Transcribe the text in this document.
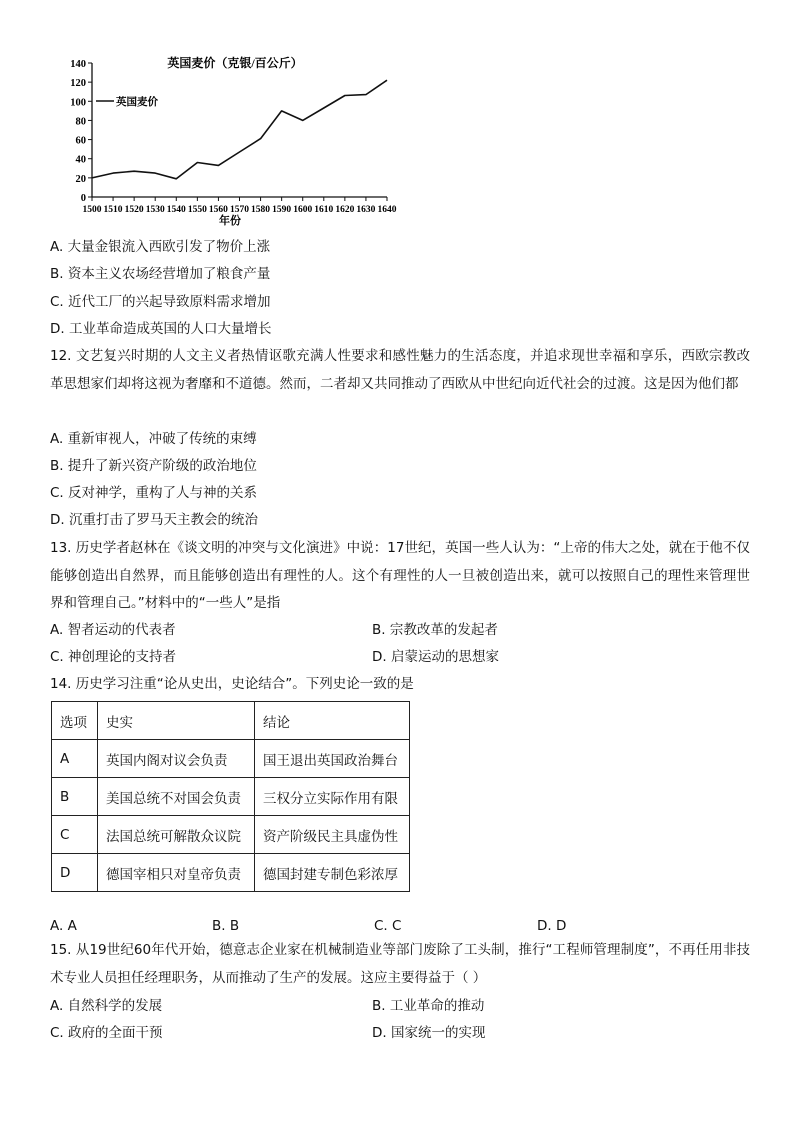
英国麦价（克银/百公斤）
0
20
40
60
80
100
120
140
1500 1510 1520 1530 1540 1550 1560 1570 1580 1590 1600 1610 1620 1630 1640
英国麦价
年份
A. 大量金银流入西欧引发了物价上涨
B. 资本主义农场经营增加了粮食产量
C. 近代工厂的兴起导致原料需求增加
D. 工业革命造成英国的人口大量增长
12. 文艺复兴时期的人文主义者热情讴歌充满人性要求和感性魅力的生活态度，并追求现世幸福和享乐，西欧宗教改革思想家们却将这视为奢靡和不道德。然而，二者却又共同推动了西欧从中世纪向近代社会的过渡。这是因为他们都
A. 重新审视人，冲破了传统的束缚
B. 提升了新兴资产阶级的政治地位
C. 反对神学，重构了人与神的关系
D. 沉重打击了罗马天主教会的统治
13. 历史学者赵林在《谈文明的冲突与文化演进》中说：17世纪，英国一些人认为：“上帝的伟大之处，就在于他不仅能够创造出自然界，而且能够创造出有理性的人。这个有理性的人一旦被创造出来，就可以按照自己的理性来管理世界和管理自己。”材料中的“一些人”是指
A. 智者运动的代表者	B. 宗教改革的发起者
C. 神创理论的支持者	D. 启蒙运动的思想家
14. 历史学习注重“论从史出，史论结合”。下列史论一致的是
选项	史实	结论
A	英国内阁对议会负责	国王退出英国政治舞台
B	美国总统不对国会负责	三权分立实际作用有限
C	法国总统可解散众议院	资产阶级民主具虚伪性
D	德国宰相只对皇帝负责	德国封建专制色彩浓厚
A. A	B. B	C. C	D. D
15. 从19世纪60年代开始，德意志企业家在机械制造业等部门废除了工头制，推行“工程师管理制度”，不再任用非技术专业人员担任经理职务，从而推动了生产的发展。这应主要得益于（ ）
A. 自然科学的发展	B. 工业革命的推动
C. 政府的全面干预	D. 国家统一的实现
